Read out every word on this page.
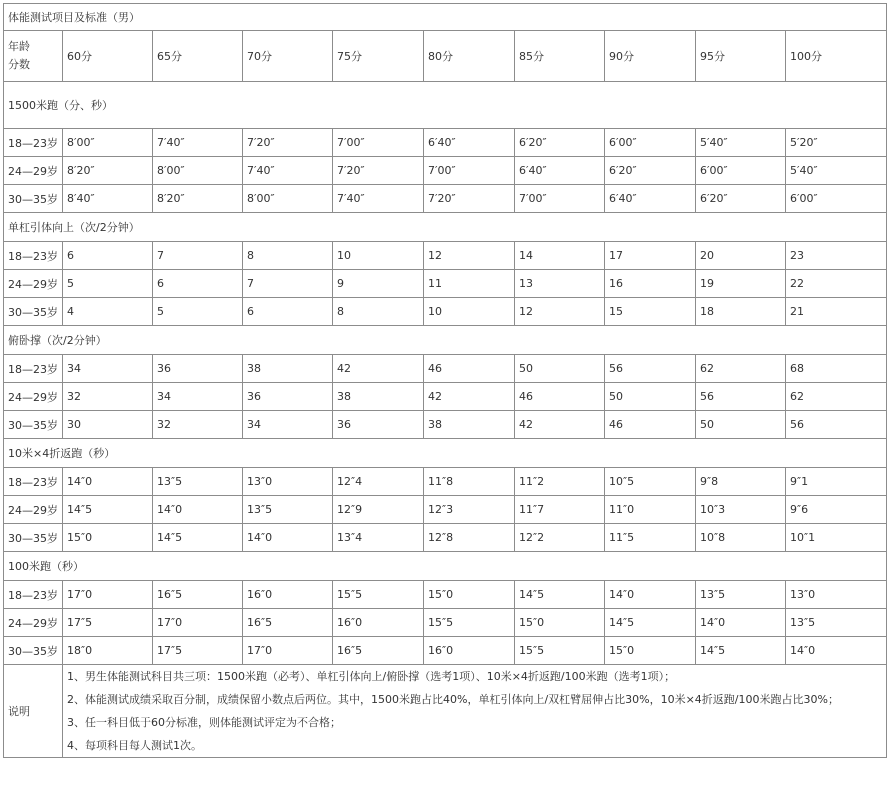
体能测试项目及标准（男）									

年龄
分数	60分	65分	70分	75分	80分	85分	90分	95分	100分
1500米跑（分、秒）									
18—23岁	8′00″	7′40″	7′20″	7′00″	6′40″	6′20″	6′00″	5′40″	5′20″
24—29岁	8′20″	8′00″	7′40″	7′20″	7′00″	6′40″	6′20″	6′00″	5′40″
30—35岁	8′40″	8′20″	8′00″	7′40″	7′20″	7′00″	6′40″	6′20″	6′00″
单杠引体向上（次/2分钟）									
18—23岁	6	7	8	10	12	14	17	20	23
24—29岁	5	6	7	9	11	13	16	19	22
30—35岁	4	5	6	8	10	12	15	18	21
俯卧撑（次/2分钟）									
18—23岁	34	36	38	42	46	50	56	62	68
24—29岁	32	34	36	38	42	46	50	56	62
30—35岁	30	32	34	36	38	42	46	50	56
10米×4折返跑（秒）									
18—23岁	14″0	13″5	13″0	12″4	11″8	11″2	10″5	9″8	9″1
24—29岁	14″5	14″0	13″5	12″9	12″3	11″7	11″0	10″3	9″6
30—35岁	15″0	14″5	14″0	13″4	12″8	12″2	11″5	10″8	10″1
100米跑（秒）									
18—23岁	17″0	16″5	16″0	15″5	15″0	14″5	14″0	13″5	13″0
24—29岁	17″5	17″0	16″5	16″0	15″5	15″0	14″5	14″0	13″5
30—35岁	18″0	17″5	17″0	16″5	16″0	15″5	15″0	14″5	14″0
说明	1、男生体能测试科目共三项：1500米跑（必考）、单杠引体向上/俯卧撑（选考1项）、10米×4折返跑/100米跑（选考1项）；
2、体能测试成绩采取百分制，成绩保留小数点后两位。其中，1500米跑占比40%，单杠引体向上/双杠臂屈伸占比30%，10米×4折返跑/100米跑占比30%；
3、任一科目低于60分标准，则体能测试评定为不合格；
4、每项科目每人测试1次。								
